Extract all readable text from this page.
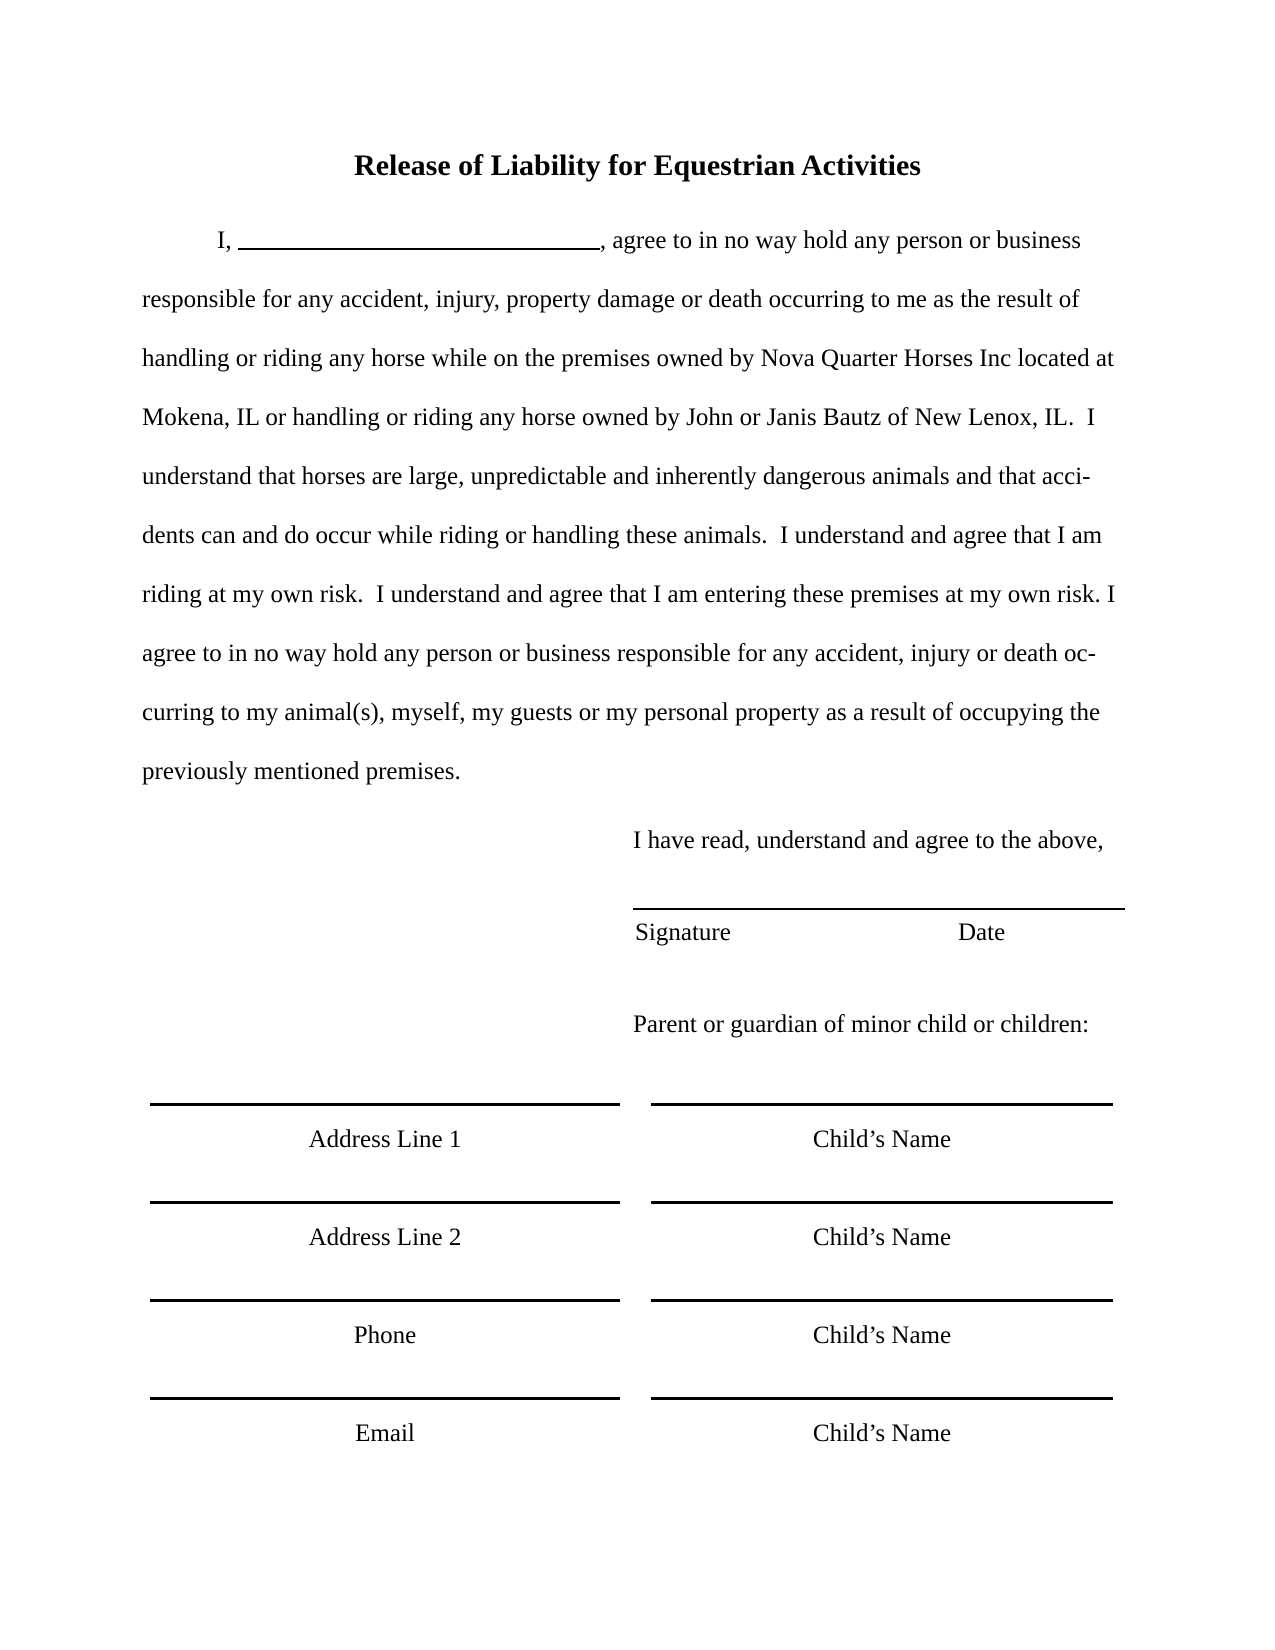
Release of Liability for Equestrian Activities
I,	, agree to in no way hold any person or business
responsible for any accident, injury, property damage or death occurring to me as the result of
handling or riding any horse while on the premises owned by Nova Quarter Horses Inc located at
Mokena, IL or handling or riding any horse owned by John or Janis Bautz of New Lenox, IL.  I
understand that horses are large, unpredictable and inherently dangerous animals and that acci-
dents can and do occur while riding or handling these animals.  I understand and agree that I am
riding at my own risk.  I understand and agree that I am entering these premises at my own risk. I
agree to in no way hold any person or business responsible for any accident, injury or death oc-
curring to my animal(s), myself, my guests or my personal property as a result of occupying the
previously mentioned premises.
I have read, understand and agree to the above,
Signature	Date
Parent or guardian of minor child or children:
Address Line 1	Child’s Name
Address Line 2	Child’s Name
Phone	Child’s Name
Email	Child’s Name
